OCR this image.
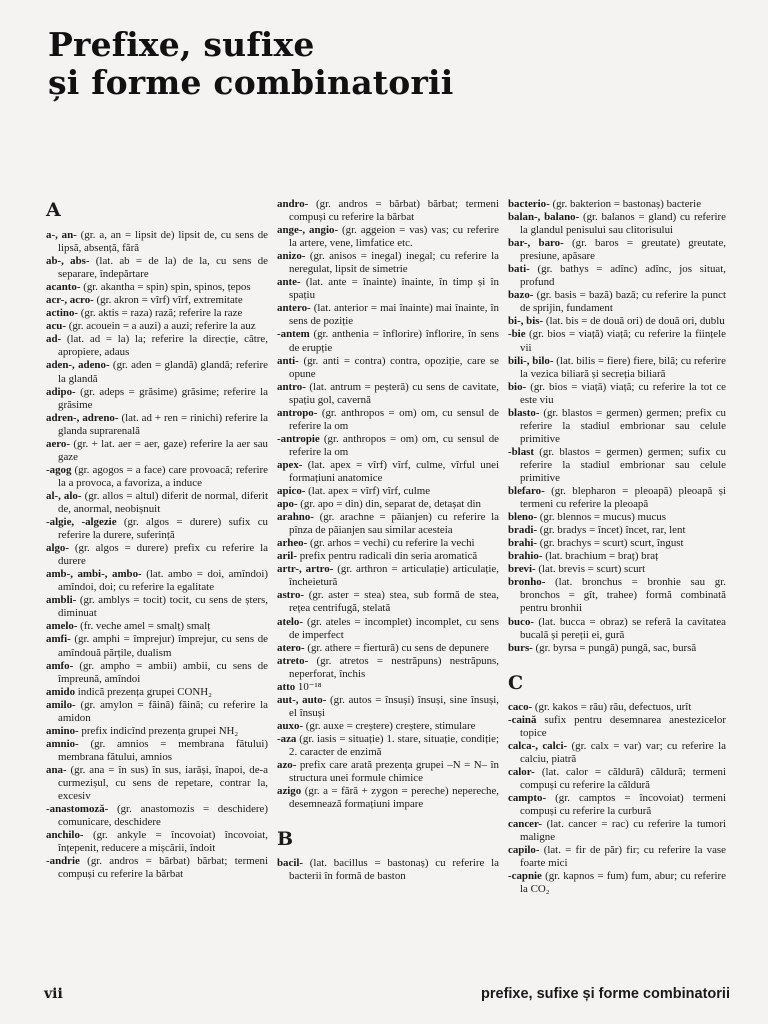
Prefixe, sufixe
și forme combinatorii
A

a-, an- (gr. a, an = lipsit de) lipsit de, cu sens de lipsă, absență, fără

ab-, abs- (lat. ab = de la) de la, cu sens de separare, îndepărtare

acanto- (gr. akantha = spin) spin, spinos, țepos

acr-, acro- (gr. akron = vîrf) vîrf, extremitate

actino- (gr. aktis = raza) rază; referire la raze

acu- (gr. acouein = a auzi) a auzi; referire la auz

ad- (lat. ad = la) la; referire la direcție, către, apropiere, adaus

aden-, adeno- (gr. aden = glandă) glandă; referire la glandă

adipo- (gr. adeps = grăsime) grăsime; referire la grăsime

adren-, adreno- (lat. ad + ren = rinichi) referire la glanda suprarenală

aero- (gr. + lat. aer = aer, gaze) referire la aer sau gaze

-agog (gr. agogos = a face) care provoacă; referire la a provoca, a favoriza, a induce

al-, alo- (gr. allos = altul) diferit de normal, diferit de, anormal, neobișnuit

-algie, -algezie (gr. algos = durere) sufix cu referire la durere, suferință

algo- (gr. algos = durere) prefix cu referire la durere

amb-, ambi-, ambo- (lat. ambo = doi, amîndoi) amîndoi, doi; cu referire la egalitate

ambli- (gr. amblys = tocit) tocit, cu sens de șters, diminuat

amelo- (fr. veche amel = smalț) smalț

amfi- (gr. amphi = împrejur) împrejur, cu sens de amîndouă părțile, dualism

amfo- (gr. ampho = ambii) ambii, cu sens de împreună, amîndoi

amido indică prezența grupei CONH₂

amilo- (gr. amylon = făină) făină; cu referire la amidon

amino- prefix indicînd prezența grupei NH₂

amnio- (gr. amnios = membrana fătului) membrana fătului, amnios

ana- (gr. ana = în sus) în sus, iarăși, înapoi, de-a curmezișul, cu sens de repetare, contrar la, excesiv

-anastomoză- (gr. anastomozis = deschidere) comunicare, deschidere

anchilo- (gr. ankyle = încovoiat) încovoiat, înțepenit, reducere a mișcării, îndoit

-andrie (gr. andros = bărbat) bărbat; termeni compuși cu referire la bărbat

andro- (gr. andros = bărbat) bărbat; termeni compuși cu referire la bărbat

ange-, angio- (gr. aggeion = vas) vas; cu referire la artere, vene, limfatice etc.

anizo- (gr. anisos = inegal) inegal; cu referire la neregulat, lipsit de simetrie

ante- (lat. ante = înainte) înainte, în timp și în spațiu

antero- (lat. anterior = mai înainte) mai înainte, în sens de poziție

-antem (gr. anthenia = înflorire) înflorire, în sens de erupție

anti- (gr. anti = contra) contra, opoziție, care se opune

antro- (lat. antrum = peșteră) cu sens de cavitate, spațiu gol, cavernă

antropo- (gr. anthropos = om) om, cu sensul de referire la om

-antropie (gr. anthropos = om) om, cu sensul de referire la om

apex- (lat. apex = vîrf) vîrf, culme, vîrful unei formațiuni anatomice

apico- (lat. apex = vîrf) vîrf, culme

apo- (gr. apo = din) din, separat de, detașat din

arahno- (gr. arachne = păianjen) cu referire la pînza de păianjen sau similar acesteia

arheo- (gr. arhos = vechi) cu referire la vechi

aril- prefix pentru radicali din seria aromatică

artr-, artro- (gr. arthron = articulație) articulație, încheietură

astro- (gr. aster = stea) stea, sub formă de stea, rețea centrifugă, stelată

atelo- (gr. ateles = incomplet) incomplet, cu sens de imperfect

atero- (gr. athere = fiertură) cu sens de depunere

atreto- (gr. atretos = nestrăpuns) nestrăpuns, neperforat, închis

atto 10⁻¹⁸

aut-, auto- (gr. autos = însuși) însuși, sine însuși, el însuși

auxo- (gr. auxe = creștere) creștere, stimulare

-aza (gr. iasis = situație) 1. stare, situație, condiție; 2. caracter de enzimă

azo- prefix care arată prezența grupei –N = N– în structura unei formule chimice

azigo (gr. a = fără + zygon = pereche) nepereche, desemnează formațiuni impare

B

bacil- (lat. bacillus = bastonaș) cu referire la bacterii în formă de baston

bacterio- (gr. bakterion = bastonaș) bacterie

balan-, balano- (gr. balanos = gland) cu referire la glandul penisului sau clitorisului

bar-, baro- (gr. baros = greutate) greutate, presiune, apăsare

bati- (gr. bathys = adînc) adînc, jos situat, profund

bazo- (gr. basis = bază) bază; cu referire la punct de sprijin, fundament

bi-, bis- (lat. bis = de două ori) de două ori, dublu

-bie (gr. bios = viață) viață; cu referire la ființele vii

bili-, bilo- (lat. bilis = fiere) fiere, bilă; cu referire la vezica biliară și secreția biliară

bio- (gr. bios = viață) viață; cu referire la tot ce este viu

blasto- (gr. blastos = germen) germen; prefix cu referire la stadiul embrionar sau celule primitive

-blast (gr. blastos = germen) germen; sufix cu referire la stadiul embrionar sau celule primitive

blefaro- (gr. blepharon = pleoapă) pleoapă și termeni cu referire la pleoapă

bleno- (gr. blennos = mucus) mucus

bradi- (gr. bradys = încet) încet, rar, lent

brahi- (gr. brachys = scurt) scurt, îngust

brahio- (lat. brachium = braț) braț

brevi- (lat. brevis = scurt) scurt

bronho- (lat. bronchus = bronhie sau gr. bronchos = gît, trahee) formă combinată pentru bronhii

buco- (lat. bucca = obraz) se referă la cavitatea bucală și pereții ei, gură

burs- (gr. byrsa = pungă) pungă, sac, bursă

C

caco- (gr. kakos = rău) rău, defectuos, urît

-caină sufix pentru desemnarea anestezicelor topice

calca-, calci- (gr. calx = var) var; cu referire la calciu, piatră

calor- (lat. calor = căldură) căldură; termeni compuși cu referire la căldură

campto- (gr. camptos = încovoiat) termeni compuși cu referire la curbură

cancer- (lat. cancer = rac) cu referire la tumori maligne

capilo- (lat. = fir de păr) fir; cu referire la vase foarte mici

-capnie (gr. kapnos = fum) fum, abur; cu referire la CO₂

vii	prefixe, sufixe și forme combinatorii
